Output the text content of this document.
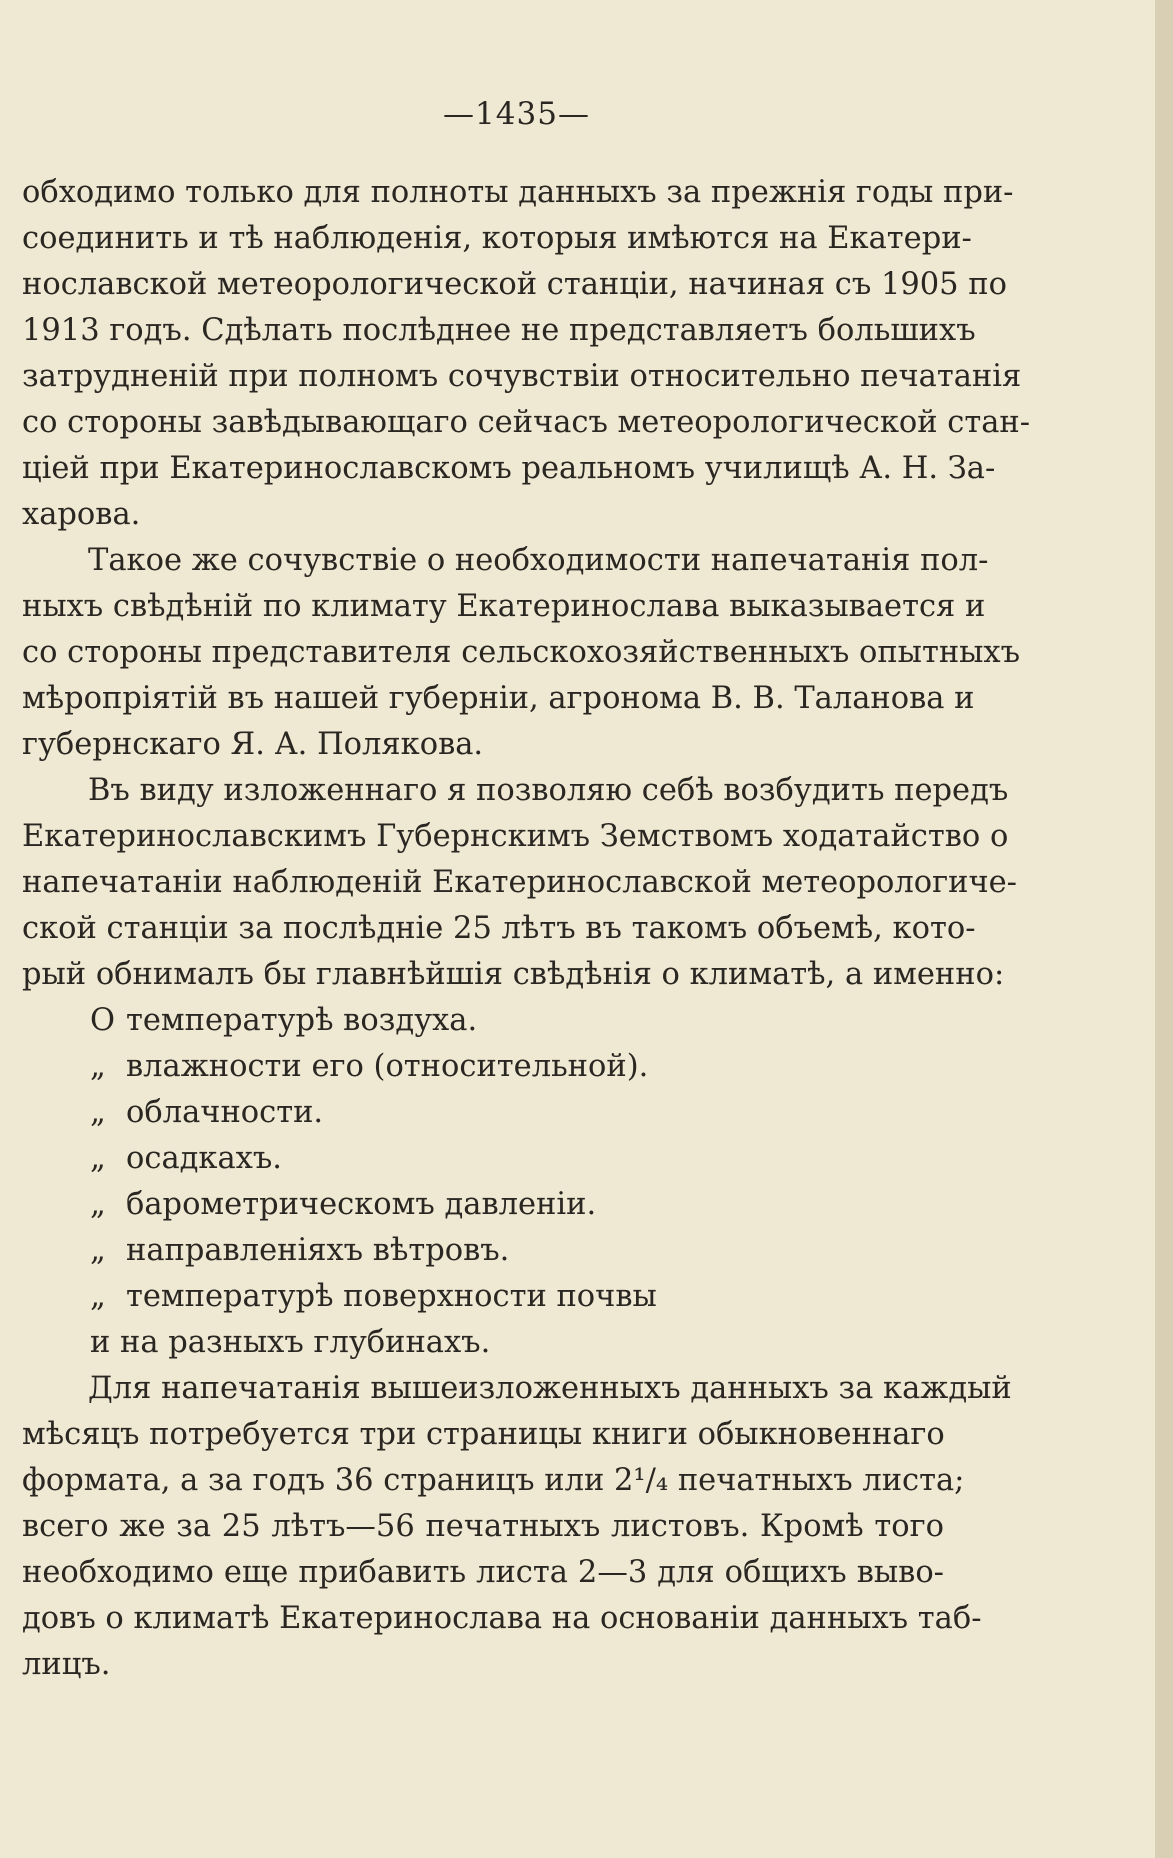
—1435—
обходимо только для полноты данныхъ за прежнія годы при-
соединить и тѣ наблюденія, которыя имѣются на Екатери-
нославской метеорологической станціи, начиная съ 1905 по
1913 годъ. Сдѣлать послѣднее не представляетъ большихъ
затрудненій при полномъ сочувствіи относительно печатанія
со стороны завѣдывающаго сейчасъ метеорологической стан-
ціей при Екатеринославскомъ реальномъ училищѣ А. Н. За-
харова.
Такое же сочувствіе о необходимости напечатанія пол-
ныхъ свѣдѣній по климату Екатеринослава выказывается и
со стороны представителя сельскохозяйственныхъ опытныхъ
мѣропріятій въ нашей губерніи, агронома В. В. Таланова и
губернскаго Я. А. Полякова.
Въ виду изложеннаго я позволяю себѣ возбудить передъ
Екатеринославскимъ Губернскимъ Земствомъ ходатайство о
напечатаніи наблюденій Екатеринославской метеорологиче-
ской станціи за послѣдніе 25 лѣтъ въ такомъ объемѣ, кото-
рый обнималъ бы главнѣйшія свѣдѣнія о климатѣ, а именно:
О температурѣ воздуха.
„ влажности его (относительной).
„ облачности.
„ осадкахъ.
„ барометрическомъ давленіи.
„ направленіяхъ вѣтровъ.
„ температурѣ поверхности почвы
и на разныхъ глубинахъ.
Для напечатанія вышеизложенныхъ данныхъ за каждый
мѣсяцъ потребуется три страницы книги обыкновеннаго
формата, а за годъ 36 страницъ или 2¹/₄ печатныхъ листа;
всего же за 25 лѣтъ—56 печатныхъ листовъ. Кромѣ того
необходимо еще прибавить листа 2—3 для общихъ выво-
довъ о климатѣ Екатеринослава на основаніи данныхъ таб-
лицъ.
